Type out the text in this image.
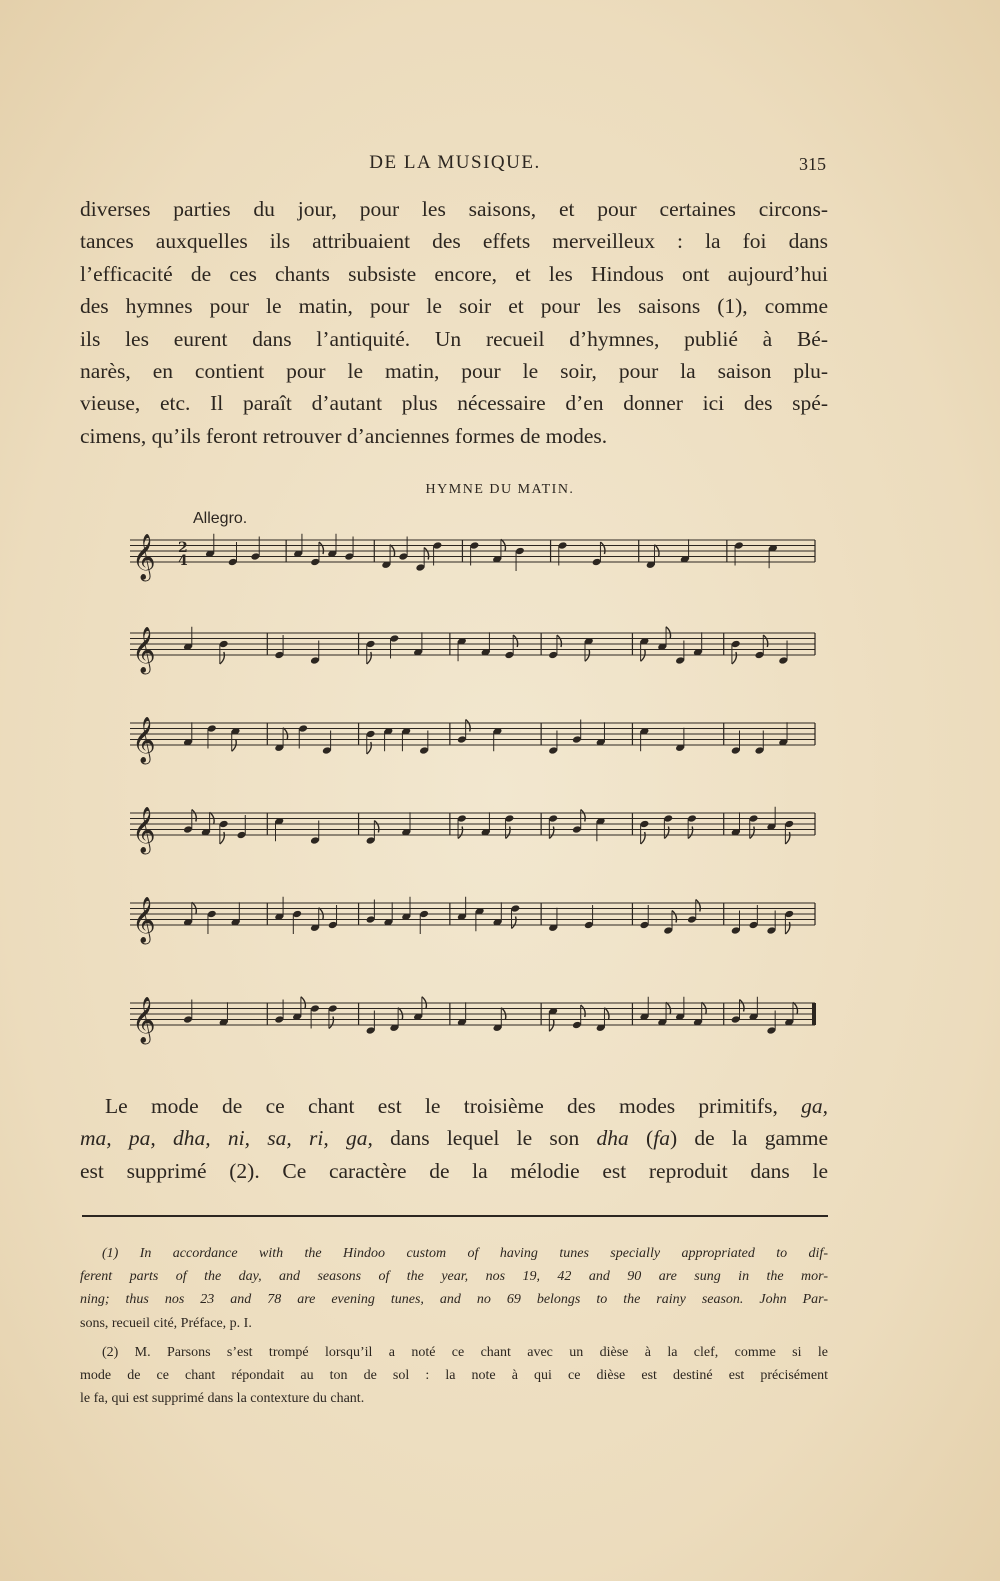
DE LA MUSIQUE.	315
diverses parties du jour, pour les saisons, et pour certaines circons-
tances auxquelles ils attribuaient des effets merveilleux : la foi dans
l’efficacité de ces chants subsiste encore, et les Hindous ont aujourd’hui
des hymnes pour le matin, pour le soir et pour les saisons (1), comme
ils les eurent dans l’antiquité. Un recueil d’hymnes, publié à Bé-
narès, en contient pour le matin, pour le soir, pour la saison plu-
vieuse, etc. Il paraît d’autant plus nécessaire d’en donner ici des spé-
cimens, qu’ils feront retrouver d’anciennes formes de modes.
HYMNE DU MATIN.
Allegro.
𝄞 2
4
𝄞
𝄞
𝄞
𝄞
𝄞
Le mode de ce chant est le troisième des modes primitifs, ga,
ma, pa, dha, ni, sa, ri, ga, dans lequel le son dha (fa) de la gamme
est supprimé (2). Ce caractère de la mélodie est reproduit dans le
(1) In accordance with the Hindoo custom of having tunes specially appropriated to dif-
ferent parts of the day, and seasons of the year, nos 19, 42 and 90 are sung in the mor-
ning; thus nos 23 and 78 are evening tunes, and no 69 belongs to the rainy season. John Par-
sons, recueil cité, Préface, p. I.
(2) M. Parsons s’est trompé lorsqu’il a noté ce chant avec un dièse à la clef, comme si le
mode de ce chant répondait au ton de sol : la note à qui ce dièse est destiné est précisément
le fa, qui est supprimé dans la contexture du chant.
